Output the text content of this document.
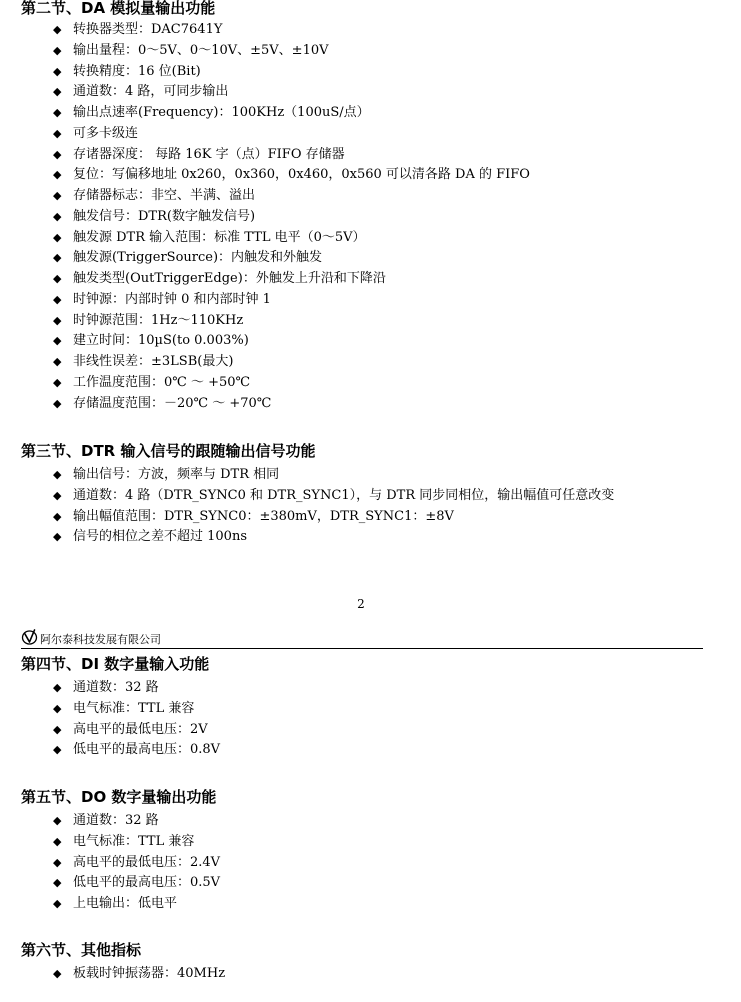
第二节、DA 模拟量输出功能
◆ 转换器类型：DAC7641Y
◆ 输出量程：0～5V、0～10V、±5V、±10V
◆ 转换精度：16 位(Bit)
◆ 通道数：4 路，可同步输出
◆ 输出点速率(Frequency)：100KHz（100uS/点）
◆ 可多卡级连
◆ 存诸器深度： 每路 16K 字（点）FIFO 存储器
◆ 复位：写偏移地址 0x260，0x360，0x460，0x560 可以清各路 DA 的 FIFO
◆ 存储器标志：非空、半满、溢出
◆ 触发信号：DTR(数字触发信号)
◆ 触发源 DTR 输入范围：标准 TTL 电平（0～5V）
◆ 触发源(TriggerSource)：内触发和外触发
◆ 触发类型(OutTriggerEdge)：外触发上升沿和下降沿
◆ 时钟源：内部时钟 0 和内部时钟 1
◆ 时钟源范围：1Hz～110KHz
◆ 建立时间：10µS(to 0.003%)
◆ 非线性误差：±3LSB(最大)
◆ 工作温度范围：0℃ ～ +50℃
◆ 存储温度范围：－20℃ ～ +70℃
第三节、DTR 输入信号的跟随输出信号功能
◆ 输出信号：方波，频率与 DTR 相同
◆ 通道数：4 路（DTR_SYNC0 和 DTR_SYNC1），与 DTR 同步同相位，输出幅值可任意改变
◆ 输出幅值范围：DTR_SYNC0：±380mV，DTR_SYNC1：±8V
◆ 信号的相位之差不超过 100ns
2
阿尔泰科技发展有限公司
第四节、DI 数字量输入功能
◆ 通道数：32 路
◆ 电气标准：TTL 兼容
◆ 高电平的最低电压：2V
◆ 低电平的最高电压：0.8V
第五节、DO 数字量输出功能
◆ 通道数：32 路
◆ 电气标准：TTL 兼容
◆ 高电平的最低电压：2.4V
◆ 低电平的最高电压：0.5V
◆ 上电输出：低电平
第六节、其他指标
◆ 板载时钟振荡器：40MHz
